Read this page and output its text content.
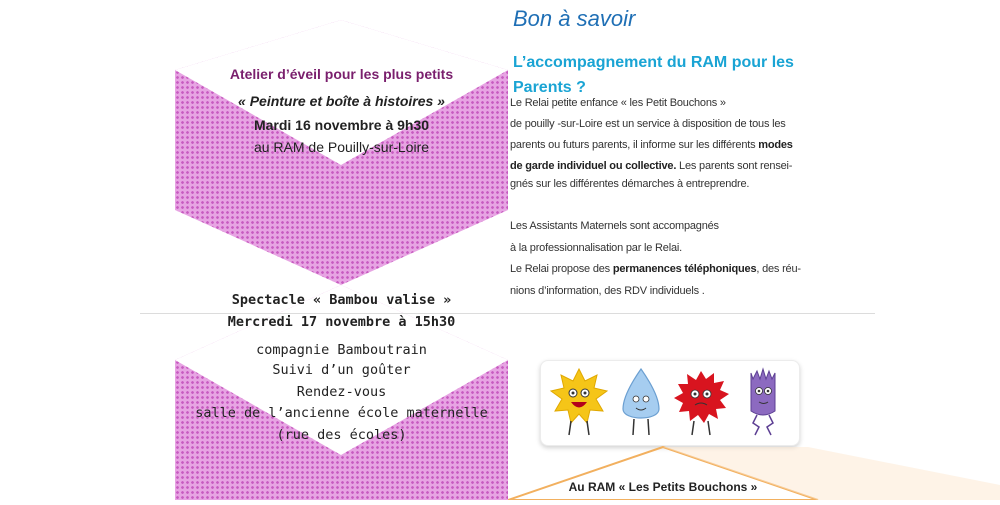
Atelier d’éveil pour les plus petits
« Peinture et boîte à histoires »
Mardi 16 novembre à 9h30
au RAM de Pouilly-sur-Loire
Spectacle « Bambou valise »
Mercredi 17 novembre à 15h30
compagnie Bamboutrain
Suivi d’un goûter
Rendez-vous
salle de l’ancienne école maternelle
(rue des écoles)
Bon à savoir
L’accompagnement du RAM pour les Parents ?
Le Relai petite enfance « les Petit Bouchons »
de pouilly -sur-Loire est un service à disposition de tous les
parents ou futurs parents, il informe sur les différents modes
de garde individuel ou collective. Les parents sont rensei-
gnés sur les différentes démarches à entreprendre.
Les Assistants Maternels sont accompagnés
à la professionnalisation par le Relai.
Le Relai propose des permanences téléphoniques, des réu-
nions d’information, des RDV individuels .
Au RAM « Les Petits Bouchons »
